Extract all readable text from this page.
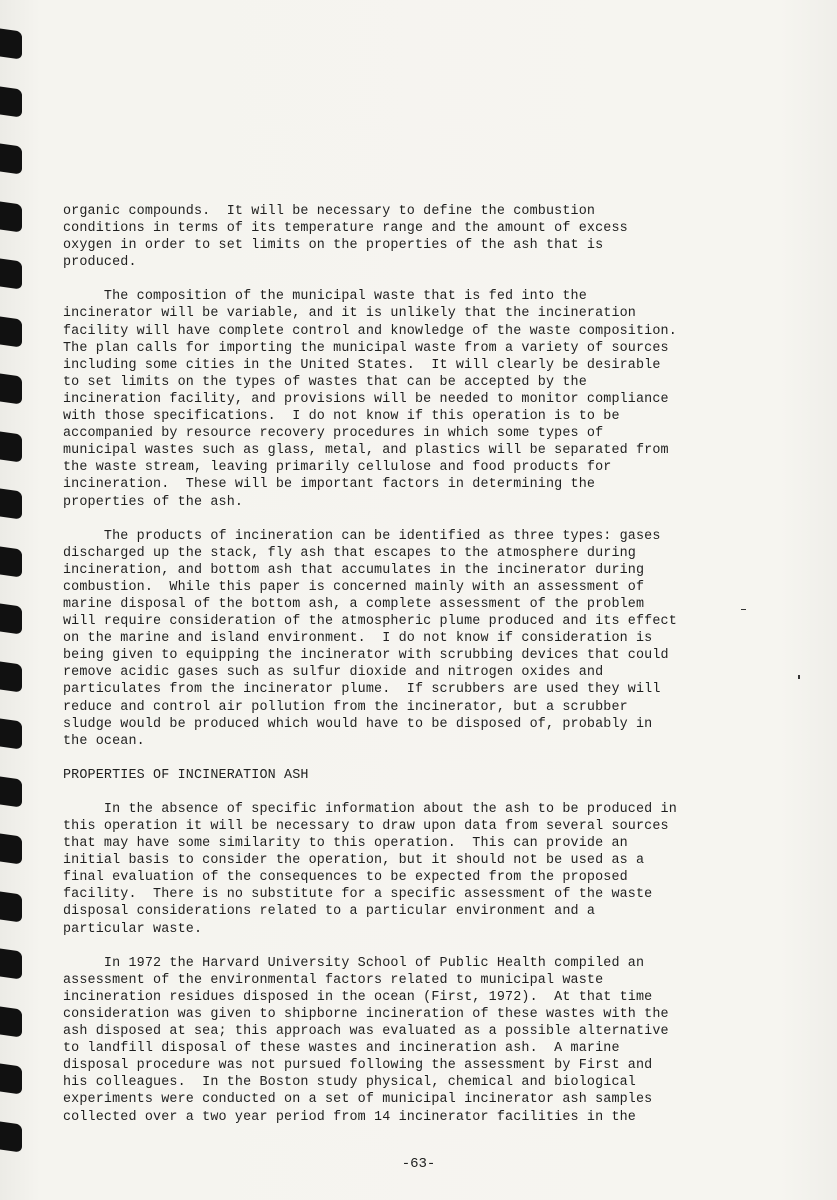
organic compounds.  It will be necessary to define the combustion
conditions in terms of its temperature range and the amount of excess
oxygen in order to set limits on the properties of the ash that is
produced.
The composition of the municipal waste that is fed into the
incinerator will be variable, and it is unlikely that the incineration
facility will have complete control and knowledge of the waste composition.
The plan calls for importing the municipal waste from a variety of sources
including some cities in the United States.  It will clearly be desirable
to set limits on the types of wastes that can be accepted by the
incineration facility, and provisions will be needed to monitor compliance
with those specifications.  I do not know if this operation is to be
accompanied by resource recovery procedures in which some types of
municipal wastes such as glass, metal, and plastics will be separated from
the waste stream, leaving primarily cellulose and food products for
incineration.  These will be important factors in determining the
properties of the ash.
The products of incineration can be identified as three types: gases
discharged up the stack, fly ash that escapes to the atmosphere during
incineration, and bottom ash that accumulates in the incinerator during
combustion.  While this paper is concerned mainly with an assessment of
marine disposal of the bottom ash, a complete assessment of the problem
will require consideration of the atmospheric plume produced and its effect
on the marine and island environment.  I do not know if consideration is
being given to equipping the incinerator with scrubbing devices that could
remove acidic gases such as sulfur dioxide and nitrogen oxides and
particulates from the incinerator plume.  If scrubbers are used they will
reduce and control air pollution from the incinerator, but a scrubber
sludge would be produced which would have to be disposed of, probably in
the ocean.
PROPERTIES OF INCINERATION ASH
In the absence of specific information about the ash to be produced in
this operation it will be necessary to draw upon data from several sources
that may have some similarity to this operation.  This can provide an
initial basis to consider the operation, but it should not be used as a
final evaluation of the consequences to be expected from the proposed
facility.  There is no substitute for a specific assessment of the waste
disposal considerations related to a particular environment and a
particular waste.
In 1972 the Harvard University School of Public Health compiled an
assessment of the environmental factors related to municipal waste
incineration residues disposed in the ocean (First, 1972).  At that time
consideration was given to shipborne incineration of these wastes with the
ash disposed at sea; this approach was evaluated as a possible alternative
to landfill disposal of these wastes and incineration ash.  A marine
disposal procedure was not pursued following the assessment by First and
his colleagues.  In the Boston study physical, chemical and biological
experiments were conducted on a set of municipal incinerator ash samples
collected over a two year period from 14 incinerator facilities in the
-63-
